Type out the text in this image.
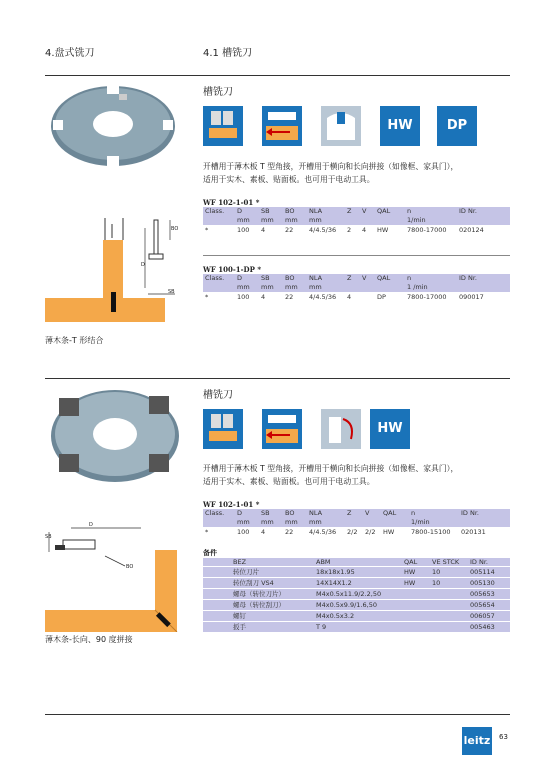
4.盘式铣刀	4.1 槽铣刀
BO
D
SB
薄木条-T 形结合
槽铣刀
HW	DP
开槽用于薄木板 T 型角接，开槽用于横向和长向拼接（如像框、家具门），
适用于实木、素板、贴面板。也可用于电动工具。
WF 102-1-01 *
Class.	D	SB	BO	NLA	Z	V	QAL	n	ID Nr.
	mm	mm	mm	mm				1/min	
*	100	4	22	4/4.5/36	2	4	HW	7800-17000	020124
WF 100-1-DP *
Class.	D	SB	BO	NLA	Z	V	QAL	n	ID Nr.
	mm	mm	mm	mm				1 /min	
*	100	4	22	4/4.5/36	4		DP	7800-17000	090017
D
SB
BO
薄木条-长向、90 度拼接
槽铣刀
HW
开槽用于薄木板 T 型角接，开槽用于横向和长向拼接（如像框、家具门），
适用于实木、素板、贴面板。也可用于电动工具。
WF 102-1-01 *
Class.	D	SB	BO	NLA	Z	V	QAL	n	ID Nr.
	mm	mm	mm	mm				1/min	
*	100	4	22	4/4.5/36	2/2	2/2	HW	7800-15100	020131
备件
BEZ	ABM	QAL	VE STCK	ID Nr.
转位刀片	18x18x1.95	HW	10	005114
转位刮刀 VS4	14X14X1.2	HW	10	005130
螺母（转位刀片）	M4x0.5x11.9/2.2,50			005653
螺母（转位刮刀）	M4x0.5x9.9/1.6,50			005654
螺钉	M4x0.5x3.2			006057
扳手	T 9			005463
63
leitz
